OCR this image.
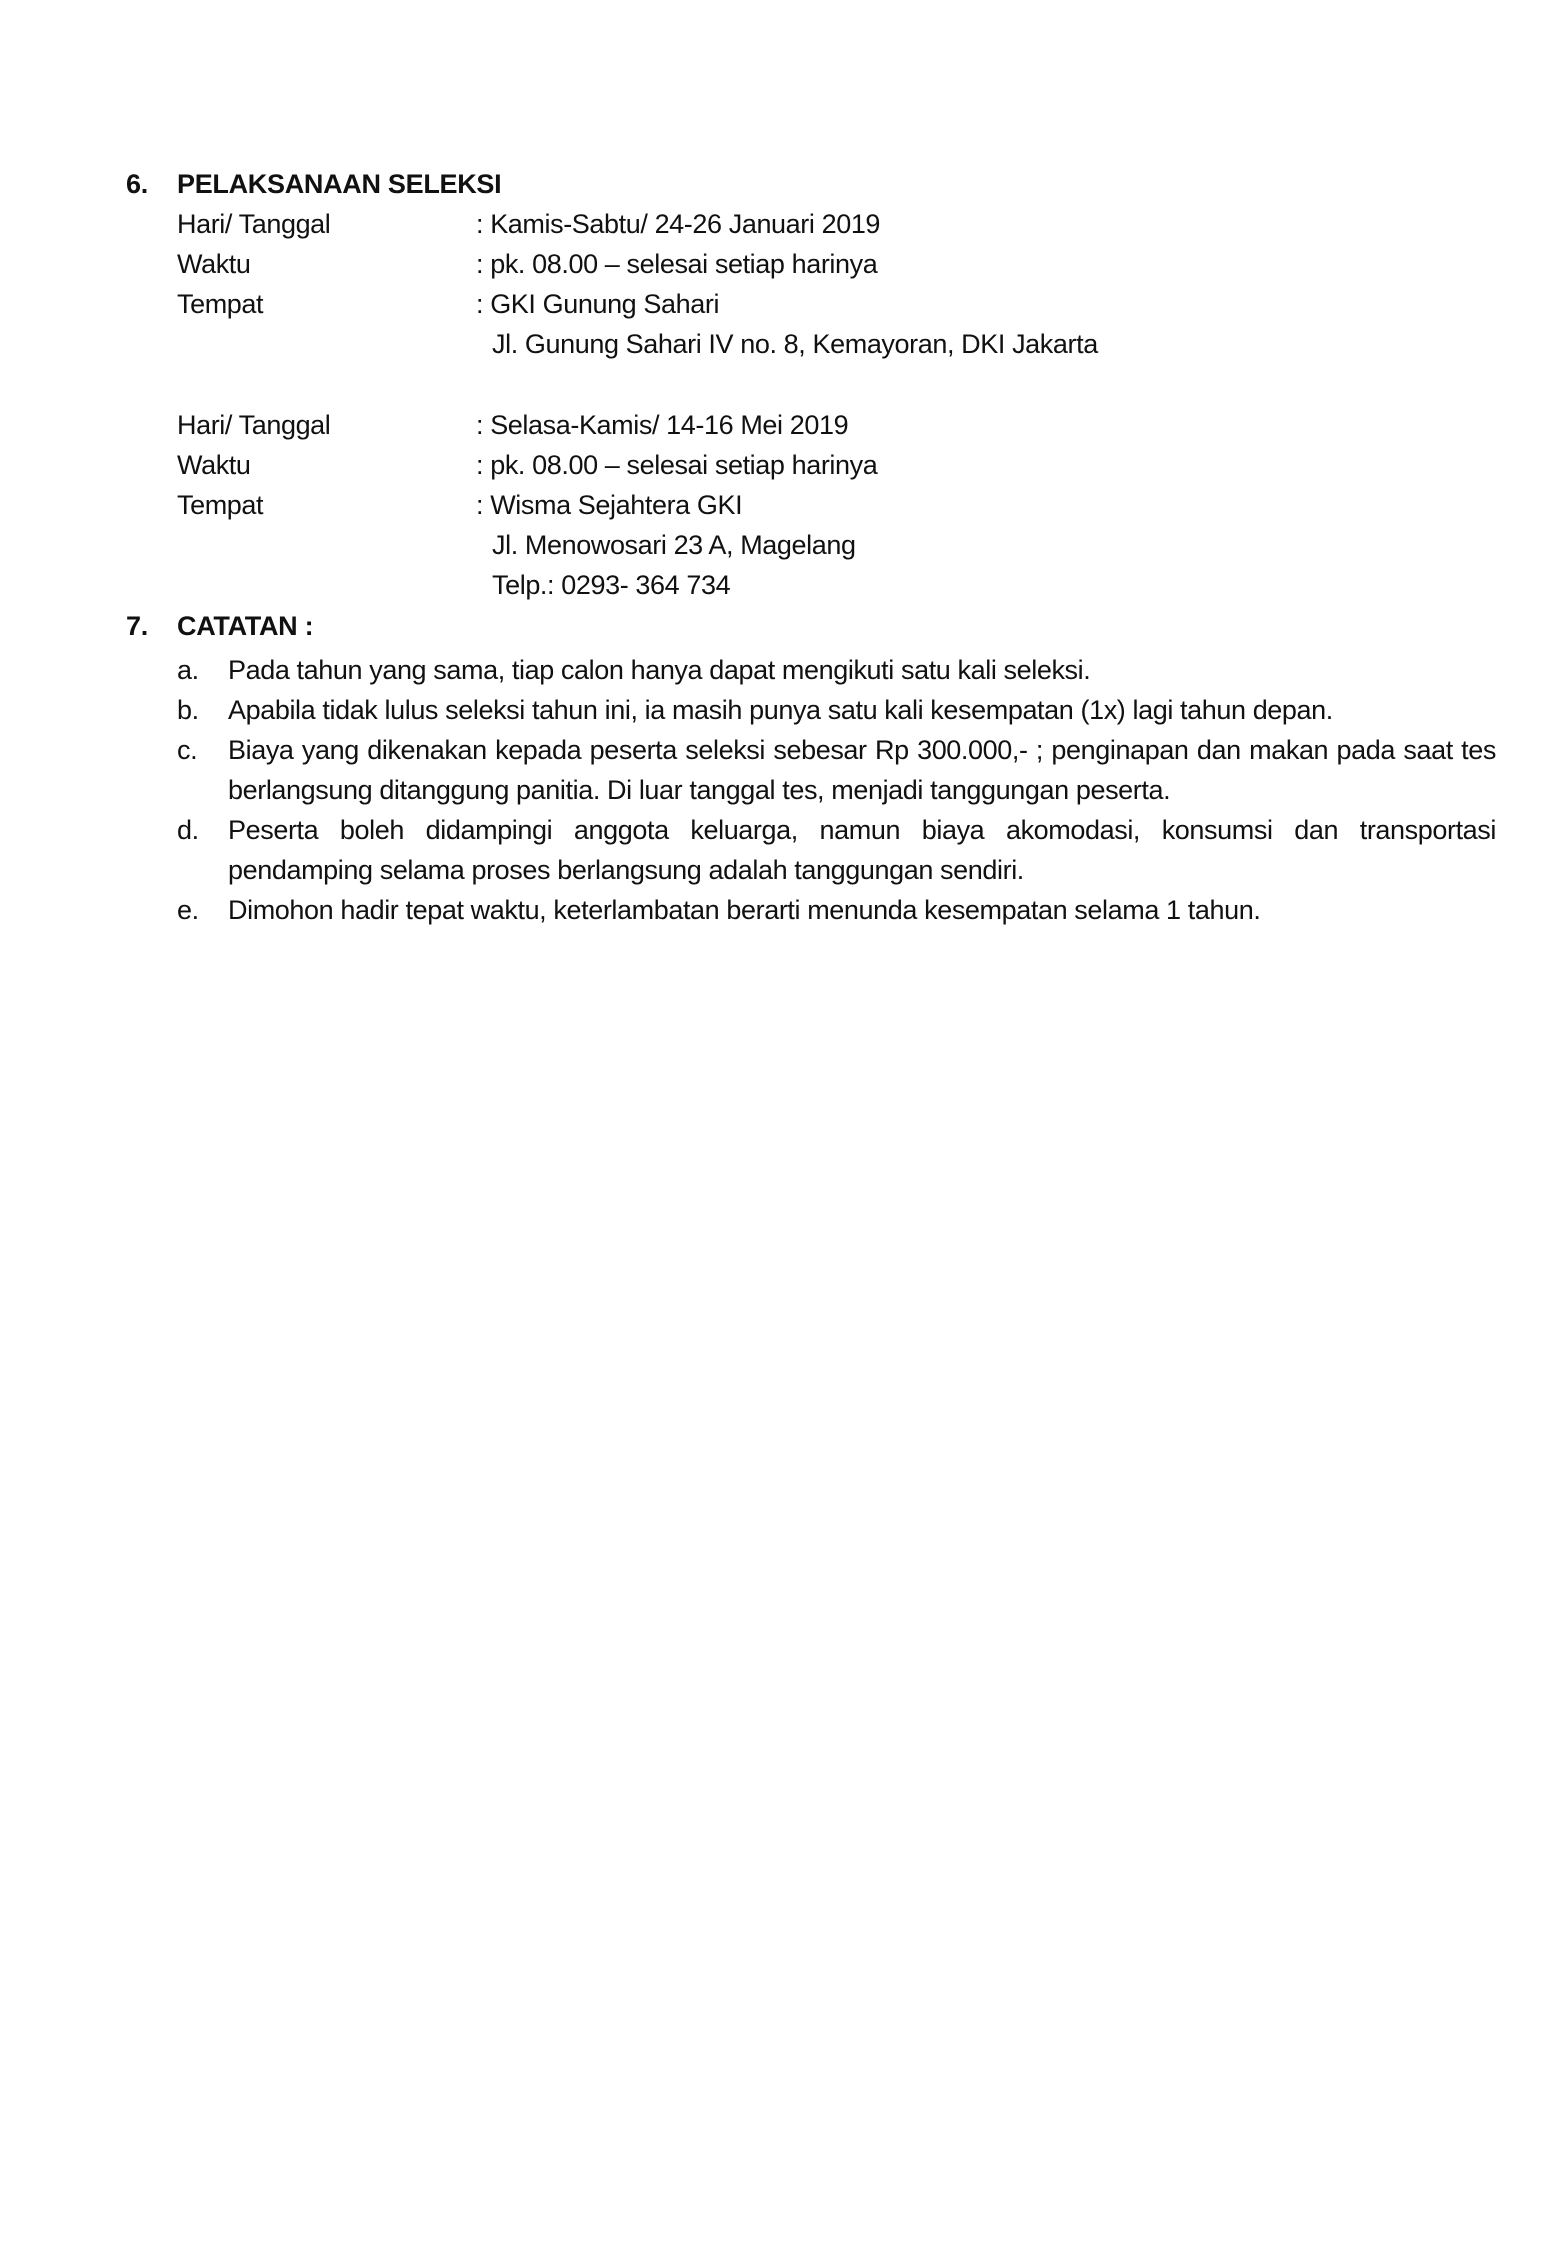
6. PELAKSANAAN SELEKSI
Hari/ Tanggal	: Kamis-Sabtu/ 24-26 Januari 2019
Waktu	: pk. 08.00 – selesai setiap harinya
Tempat	: GKI Gunung Sahari
Jl. Gunung Sahari IV no. 8, Kemayoran, DKI Jakarta
Hari/ Tanggal	: Selasa-Kamis/ 14-16 Mei 2019
Waktu	: pk. 08.00 – selesai setiap harinya
Tempat	: Wisma Sejahtera GKI
Jl. Menowosari 23 A, Magelang
Telp.: 0293- 364 734
7. CATATAN :
a. Pada tahun yang sama, tiap calon hanya dapat mengikuti satu kali seleksi.
b. Apabila tidak lulus seleksi tahun ini, ia masih punya satu kali kesempatan (1x) lagi tahun depan.
c. Biaya yang dikenakan kepada peserta seleksi sebesar Rp 300.000,- ; penginapan dan makan pada saat tes berlangsung ditanggung panitia. Di luar tanggal tes, menjadi tanggungan peserta.
d. Peserta boleh didampingi anggota keluarga, namun biaya akomodasi, konsumsi dan transportasi pendamping selama proses berlangsung adalah tanggungan sendiri.
e. Dimohon hadir tepat waktu, keterlambatan berarti menunda kesempatan selama 1 tahun.
